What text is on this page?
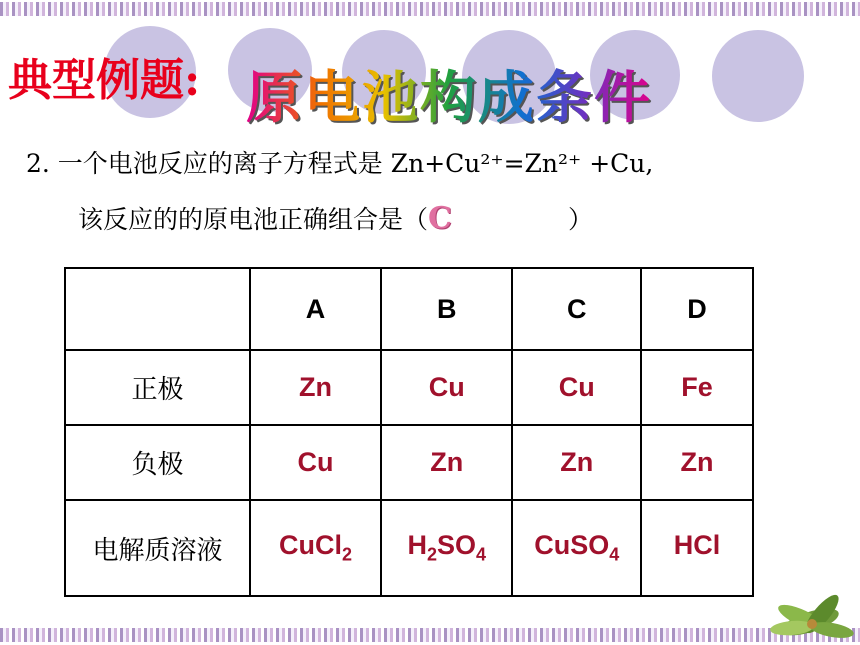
典型例题: 原电池构成条件
2. 一个电池反应的离子方程式是 Zn+Cu²⁺=Zn²⁺ +Cu,
该反应的的原电池正确组合是（C	）
	A	B	C	D
正极	Zn	Cu	Cu	Fe
负极	Cu	Zn	Zn	Zn
电解质溶液	CuCl$_2$	$H_2SO_4$	CuSO$_4$	HCl
